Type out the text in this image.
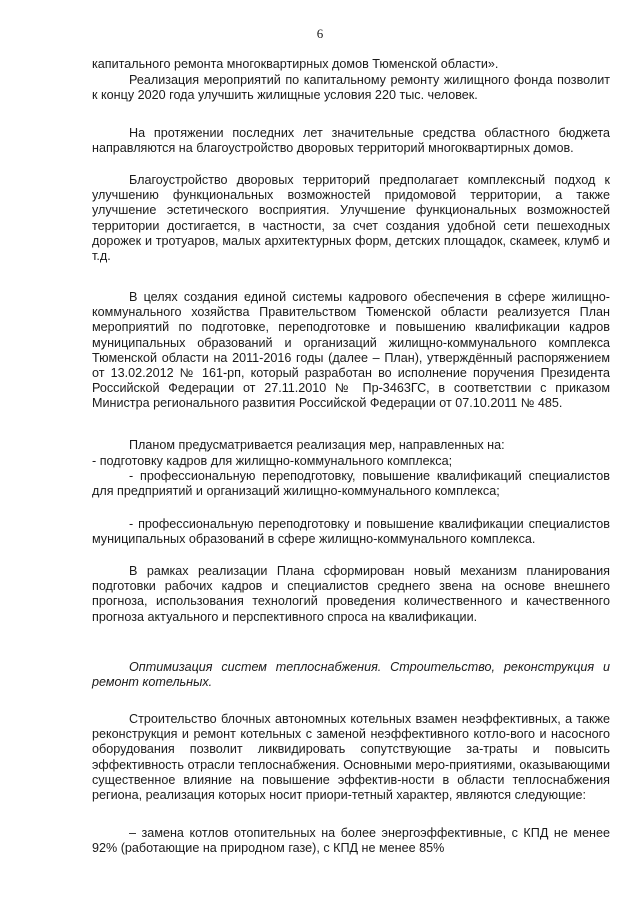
6
капитального ремонта многоквартирных домов Тюменской области».
Реализация мероприятий по капитальному ремонту жилищного фонда позволит к концу 2020 года улучшить жилищные условия 220 тыс. человек.
На протяжении последних лет значительные средства областного бюджета направляются на благоустройство дворовых территорий многоквартирных домов.
Благоустройство дворовых территорий предполагает комплексный подход к улучшению функциональных возможностей придомовой территории, а также улучшение эстетического восприятия. Улучшение функциональных возможностей территории достигается, в частности, за счет создания удобной сети пешеходных дорожек и тротуаров, малых архитектурных форм, детских площадок, скамеек, клумб и т.д.
В целях создания единой системы кадрового обеспечения в сфере жилищно-коммунального хозяйства Правительством Тюменской области реализуется План мероприятий по подготовке, переподготовке и повышению квалификации кадров муниципальных образований и организаций жилищно-коммунального комплекса Тюменской области на 2011-2016 годы (далее – План), утверждённый распоряжением от 13.02.2012 № 161-рп, который разработан во исполнение поручения Президента Российской Федерации от 27.11.2010 № Пр-3463ГС, в соответствии с приказом Министра регионального развития Российской Федерации от 07.10.2011 № 485.
Планом предусматривается реализация мер, направленных на:
- подготовку кадров для жилищно-коммунального комплекса;
- профессиональную переподготовку, повышение квалификаций специалистов для предприятий и организаций жилищно-коммунального комплекса;
- профессиональную переподготовку и повышение квалификации специалистов муниципальных образований в сфере жилищно-коммунального комплекса.
В рамках реализации Плана сформирован новый механизм планирования подготовки рабочих кадров и специалистов среднего звена на основе внешнего прогноза, использования технологий проведения количественного и качественного прогноза актуального и перспективного спроса на квалификации.
Оптимизация систем теплоснабжения. Строительство, реконструкция и ремонт котельных.
Строительство блочных автономных котельных взамен неэффективных, а также реконструкция и ремонт котельных с заменой неэффективного котло-вого и насосного оборудования позволит ликвидировать сопутствующие за-траты и повысить эффективность отрасли теплоснабжения. Основными меро-приятиями, оказывающими существенное влияние на повышение эффектив-ности в области теплоснабжения региона, реализация которых носит приори-тетный характер, являются следующие:
– замена котлов отопительных на более энергоэффективные, с КПД не менее 92% (работающие на природном газе), с КПД не менее 85%
